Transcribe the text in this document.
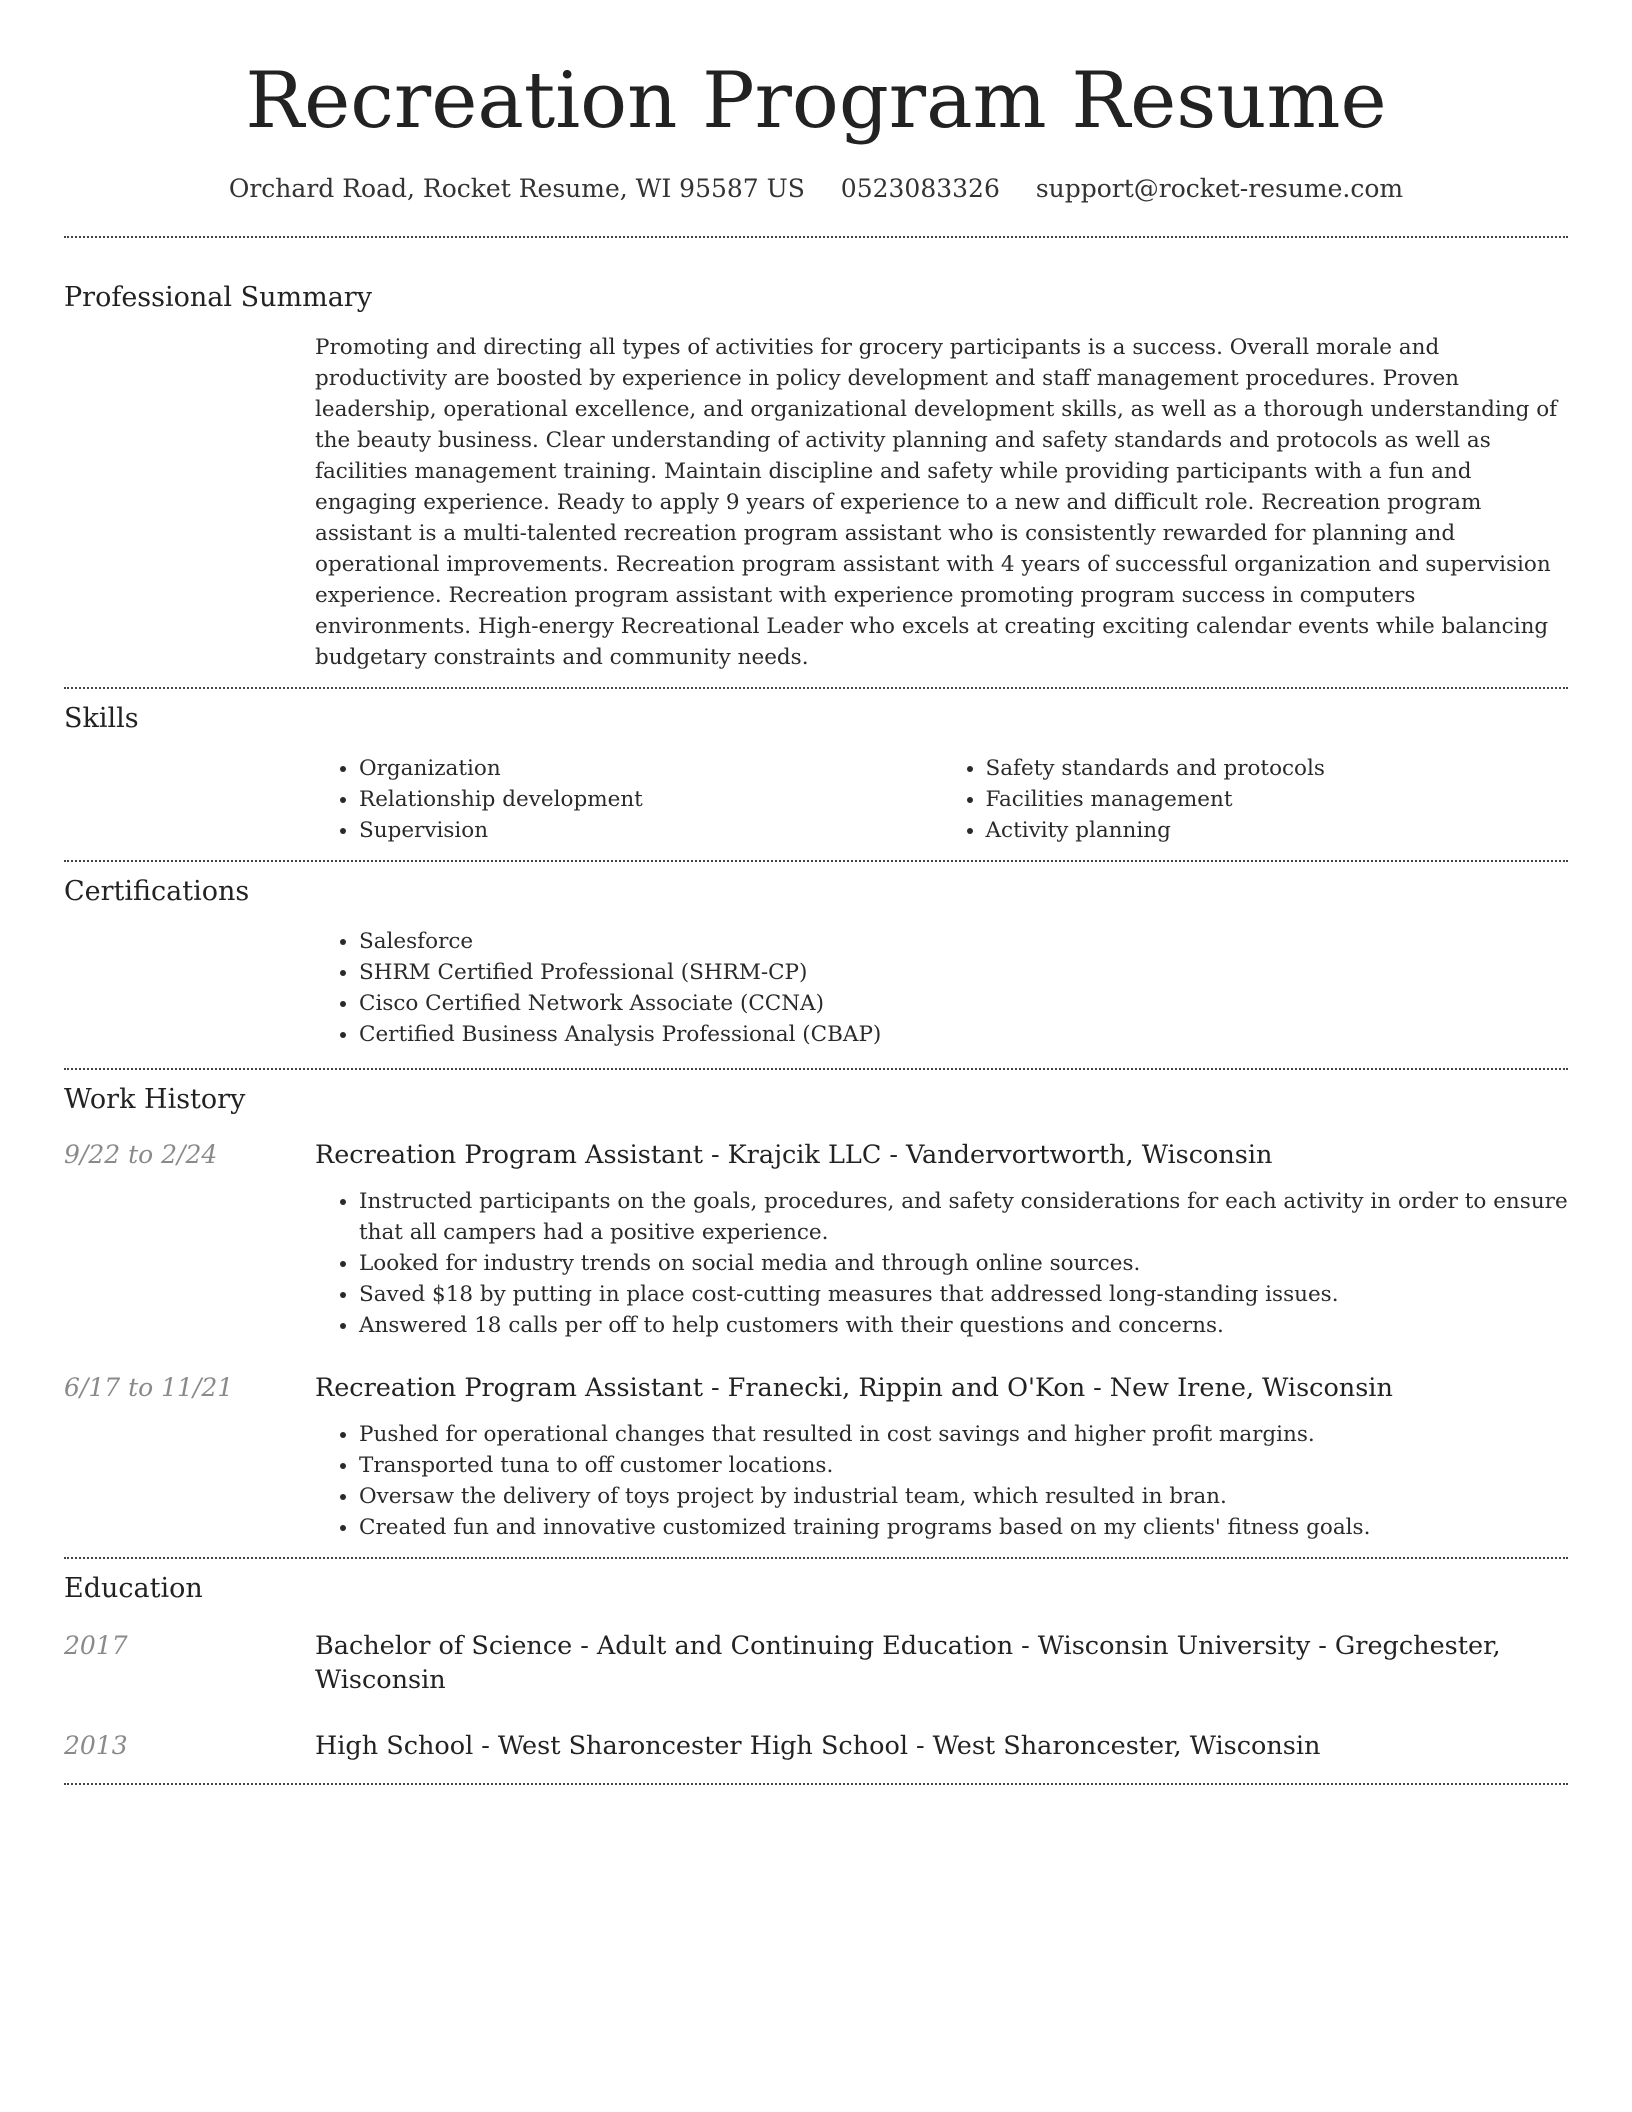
Recreation Program Resume
Orchard Road, Rocket Resume, WI 95587 US 0523083326 support@rocket-resume.com
Professional Summary

Promoting and directing all types of activities for grocery participants is a success. Overall morale and productivity are boosted by experience in policy development and staff management procedures. Proven leadership, operational excellence, and organizational development skills, as well as a thorough understanding of the beauty business. Clear understanding of activity planning and safety standards and protocols as well as facilities management training. Maintain discipline and safety while providing participants with a fun and engaging experience. Ready to apply 9 years of experience to a new and difficult role. Recreation program assistant is a multi-talented recreation program assistant who is consistently rewarded for planning and operational improvements. Recreation program assistant with 4 years of successful organization and supervision experience. Recreation program assistant with experience promoting program success in computers environments. High-energy Recreational Leader who excels at creating exciting calendar events while balancing budgetary constraints and community needs.

Skills
• Organization
• Relationship development
• Supervision
• Safety standards and protocols
• Facilities management
• Activity planning
Certifications
• Salesforce
• SHRM Certified Professional (SHRM-CP)
• Cisco Certified Network Associate (CCNA)
• Certified Business Analysis Professional (CBAP)
Work History
9/22 to 2/24	Recreation Program Assistant - Krajcik LLC - Vandervortworth, Wisconsin
• Instructed participants on the goals, procedures, and safety considerations for each activity in order to ensure that all campers had a positive experience.
• Looked for industry trends on social media and through online sources.
• Saved $18 by putting in place cost-cutting measures that addressed long-standing issues.
• Answered 18 calls per off to help customers with their questions and concerns.
6/17 to 11/21	Recreation Program Assistant - Franecki, Rippin and O'Kon - New Irene, Wisconsin
• Pushed for operational changes that resulted in cost savings and higher profit margins.
• Transported tuna to off customer locations.
• Oversaw the delivery of toys project by industrial team, which resulted in bran.
• Created fun and innovative customized training programs based on my clients' fitness goals.
Education
2017	Bachelor of Science - Adult and Continuing Education - Wisconsin University - Gregchester, Wisconsin
2013	High School - West Sharoncester High School - West Sharoncester, Wisconsin
